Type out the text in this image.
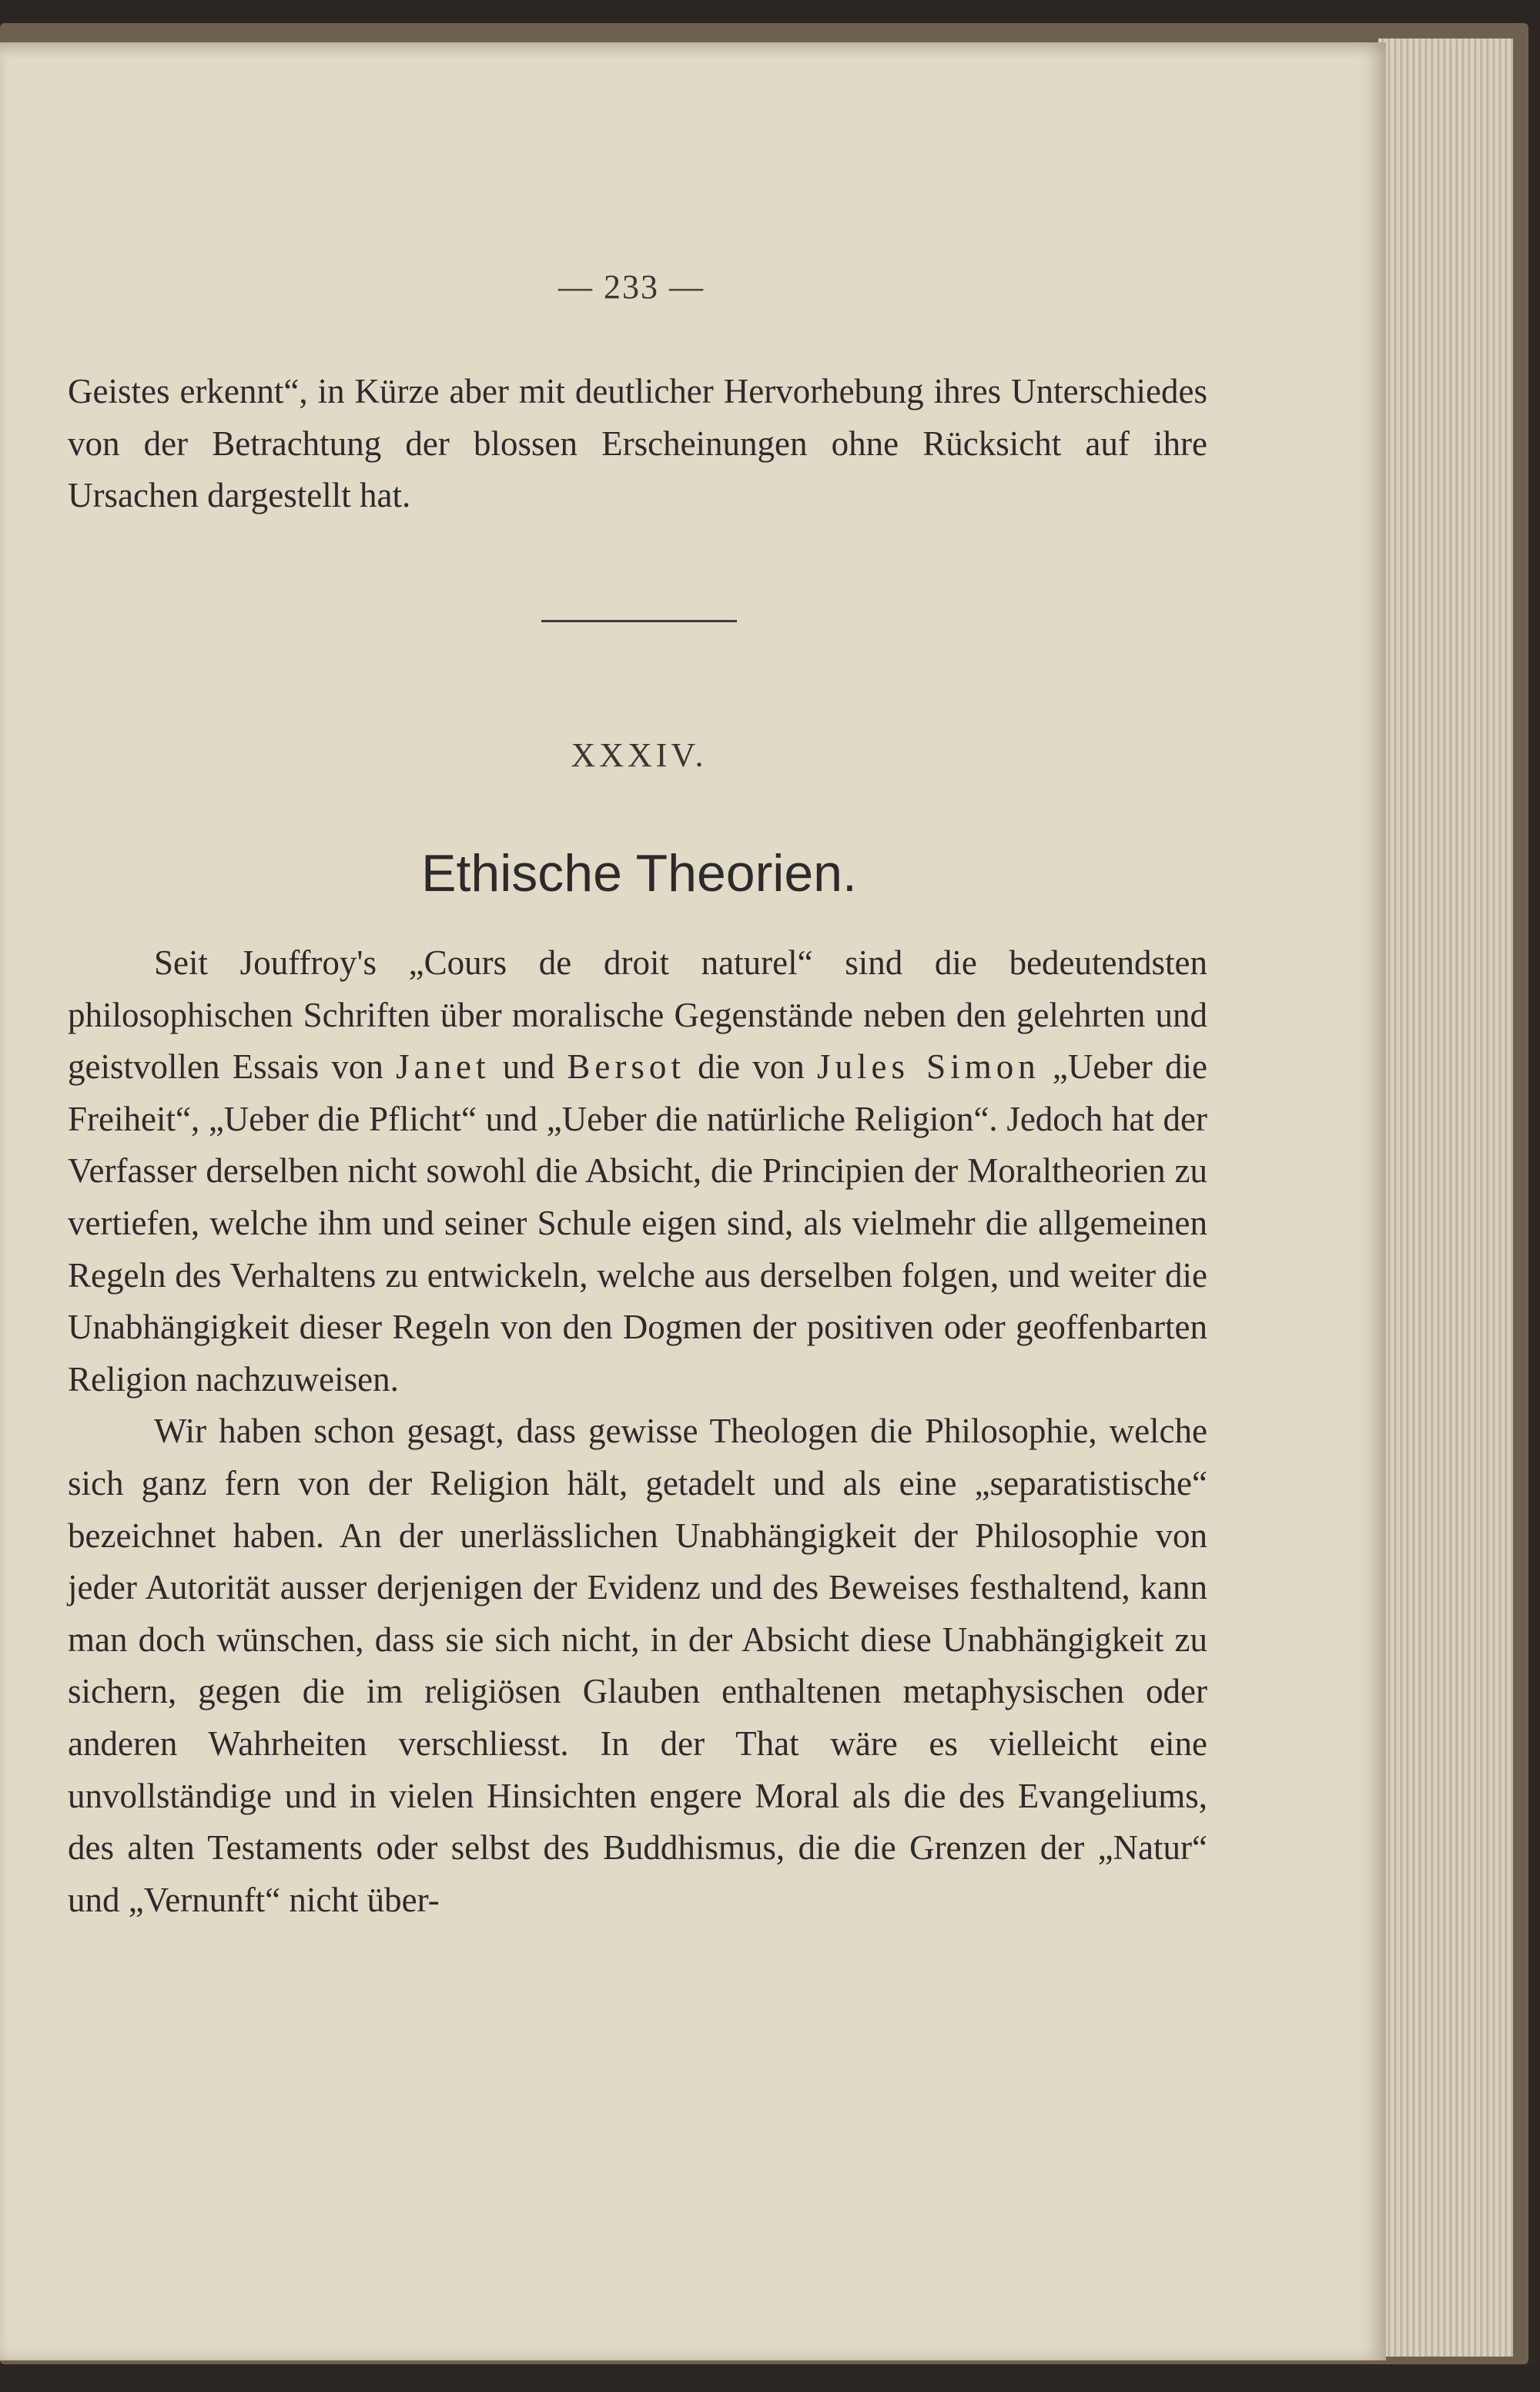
— 233 —

Geistes erkennt“, in Kürze aber mit deutlicher Hervorhebung ihres Unterschiedes von der Betrachtung der blossen Erscheinungen ohne Rücksicht auf ihre Ursachen dargestellt hat.

XXXIV.
Ethische Theorien.

Seit Jouffroy's „Cours de droit naturel“ sind die bedeutendsten philosophischen Schriften über moralische Gegenstände neben den gelehrten und geistvollen Essais von Janet und Bersot die von Jules Simon „Ueber die Freiheit“, „Ueber die Pflicht“ und „Ueber die natürliche Religion“. Jedoch hat der Verfasser derselben nicht sowohl die Absicht, die Principien der Moraltheorien zu vertiefen, welche ihm und seiner Schule eigen sind, als vielmehr die allgemeinen Regeln des Verhaltens zu entwickeln, welche aus derselben folgen, und weiter die Unabhängigkeit dieser Regeln von den Dogmen der positiven oder geoffenbarten Religion nachzuweisen.

Wir haben schon gesagt, dass gewisse Theologen die Philosophie, welche sich ganz fern von der Religion hält, getadelt und als eine „separatistische“ bezeichnet haben. An der unerlässlichen Unabhängigkeit der Philosophie von jeder Autorität ausser derjenigen der Evidenz und des Beweises festhaltend, kann man doch wünschen, dass sie sich nicht, in der Absicht diese Unabhängigkeit zu sichern, gegen die im religiösen Glauben enthaltenen metaphysischen oder anderen Wahrheiten verschliesst. In der That wäre es vielleicht eine unvollständige und in vielen Hinsichten engere Moral als die des Evangeliums, des alten Testaments oder selbst des Buddhismus, die die Grenzen der „Natur“ und „Vernunft“ nicht über-
